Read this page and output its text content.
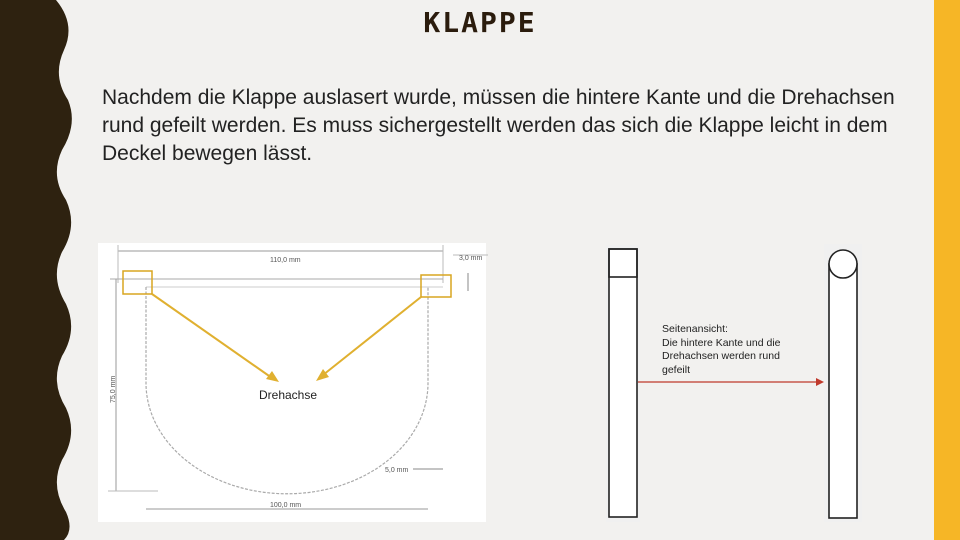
KLAPPE
Nachdem die Klappe auslasert wurde, müssen die hintere Kante und die Drehachsen rund gefeilt werden. Es muss sichergestellt werden das sich die Klappe leicht in dem Deckel bewegen lässt.
110,0 mm	3,0 mm
75,0 mm
100,0 mm
5,0 mm
Drehachse
Seitenansicht:
Die hintere Kante und die
Drehachsen werden rund
gefeilt
